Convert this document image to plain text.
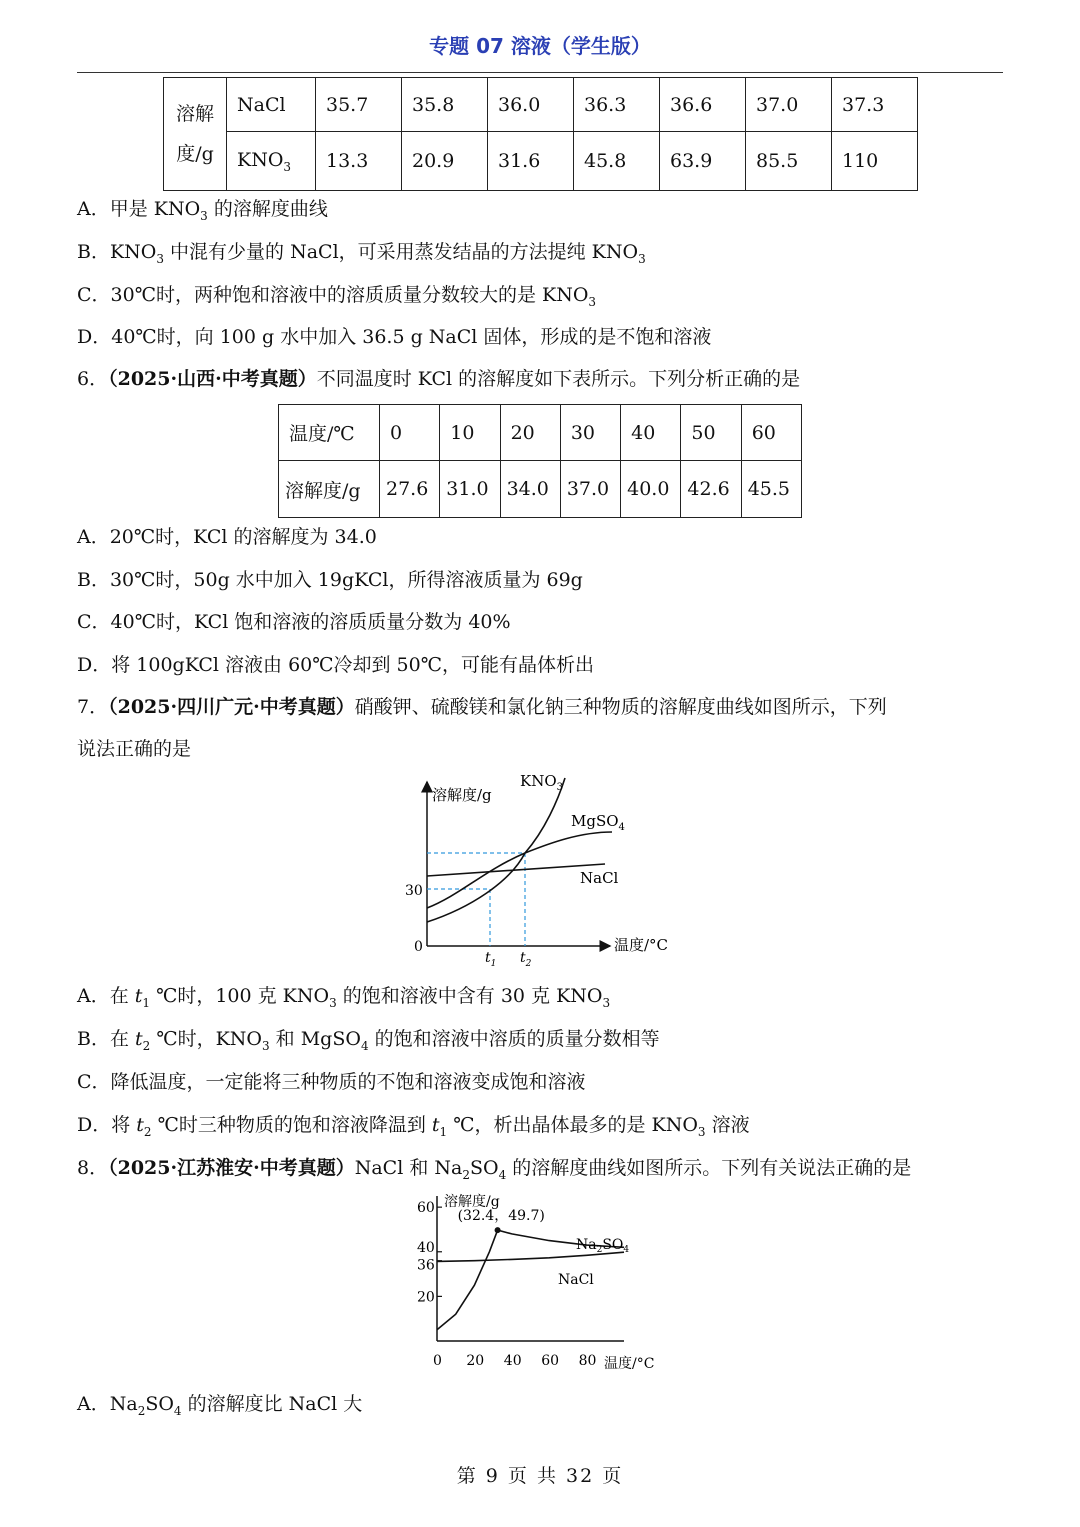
专题 07 溶液（学生版）
溶解度/g	NaCl	35.7	35.8	36.0	36.3	36.6	37.0	37.3
	$KNO_3$	13.3	20.9	31.6	45.8	63.9	85.5	110
A．甲是 $KNO_3$ 的溶解度曲线
B．$KNO_3$ 中混有少量的 NaCl，可采用蒸发结晶的方法提纯 $KNO_3$
C．30℃时，两种饱和溶液中的溶质质量分数较大的是 $KNO_3$
D．40℃时，向 100 g 水中加入 36.5 g NaCl 固体，形成的是不饱和溶液
6．（2025·山西·中考真题）不同温度时 KCl 的溶解度如下表所示。下列分析正确的是
温度/℃	0	10	20	30	40	50	60
溶解度/g	27.6	31.0	34.0	37.0	40.0	42.6	45.5
A．20℃时，KCl 的溶解度为 34.0
B．30℃时，50g 水中加入 19gKCl，所得溶液质量为 69g
C．40℃时，KCl 饱和溶液的溶质质量分数为 40%
D．将 100gKCl 溶液由 60℃冷却到 50℃，可能有晶体析出
7．（2025·四川广元·中考真题）硝酸钾、硫酸镁和氯化钠三种物质的溶解度曲线如图所示，下列
说法正确的是
溶解度/g
温度/°C
0
30
$KNO_3$
MgSO$_4$
NaCl
$t_1$ $t_2$
A．在 $t_1$ ℃时，100 克 $KNO_3$ 的饱和溶液中含有 30 克 $KNO_3$
B．在 $t_2$ ℃时，$KNO_3$ 和 MgSO$_4$ 的饱和溶液中溶质的质量分数相等
C．降低温度，一定能将三种物质的不饱和溶液变成饱和溶液
D．将 $t_2$ ℃时三种物质的饱和溶液降温到 $t_1$ ℃，析出晶体最多的是 $KNO_3$ 溶液
8．（2025·江苏淮安·中考真题）NaCl 和 $Na_2SO_4$ 的溶解度曲线如图所示。下列有关说法正确的是
溶解度/g
温度/°C
0 20 40 60 80
20
36
40
60 (32.4，49.7)
$Na_2SO_4$
NaCl
A．$Na_2SO_4$ 的溶解度比 NaCl 大
第 9 页 共 32 页
